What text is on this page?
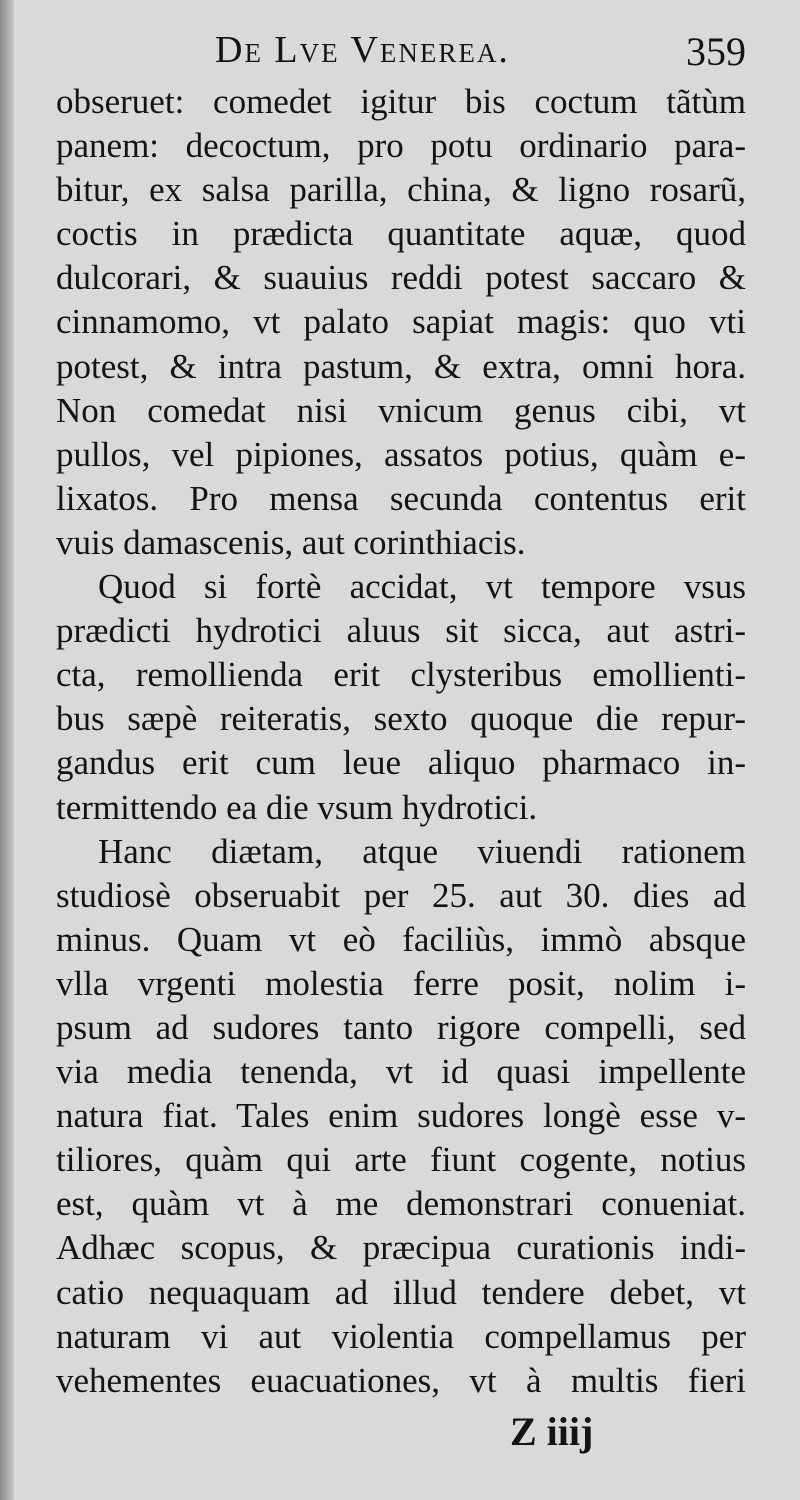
De Lve Venerea.	359
obseruet: comedet igitur bis coctum tãtùm
panem: decoctum, pro potu ordinario para-
bitur, ex salsa parilla, china, & ligno rosarũ,
coctis in prædicta quantitate aquæ, quod
dulcorari, & suauius reddi potest saccaro &
cinnamomo, vt palato sapiat magis: quo vti
potest, & intra pastum, & extra, omni hora.
Non comedat nisi vnicum genus cibi, vt
pullos, vel pipiones, assatos potius, quàm e-
lixatos. Pro mensa secunda contentus erit
vuis damascenis, aut corinthiacis.
Quod si fortè accidat, vt tempore vsus
prædicti hydrotici aluus sit sicca, aut astri-
cta, remollienda erit clysteribus emollienti-
bus sæpè reiteratis, sexto quoque die repur-
gandus erit cum leue aliquo pharmaco in-
termittendo ea die vsum hydrotici.
Hanc diætam, atque viuendi rationem
studiosè obseruabit per 25. aut 30. dies ad
minus. Quam vt eò faciliùs, immò absque
vlla vrgenti molestia ferre posit, nolim i-
psum ad sudores tanto rigore compelli, sed
via media tenenda, vt id quasi impellente
natura fiat. Tales enim sudores longè esse v-
tiliores, quàm qui arte fiunt cogente, notius
est, quàm vt à me demonstrari conueniat.
Adhæc scopus, & præcipua curationis indi-
catio nequaquam ad illud tendere debet, vt
naturam vi aut violentia compellamus per
vehementes euacuationes, vt à multis fieri
Z iiij
